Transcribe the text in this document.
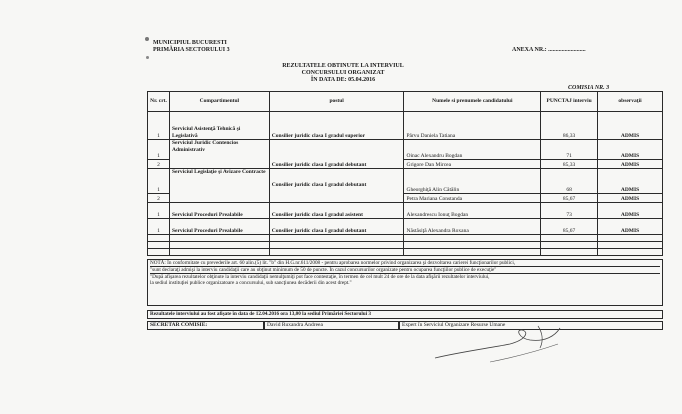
MUNICIPIUL BUCURESTI
PRIMĂRIA SECTORULUI 3	ANEXA NR.: .........................
REZULTATELE OBTINUTE LA INTERVIUL
CONCURSULUI ORGANIZAT
ÎN DATA DE: 05.04.2016
COMISIA NR. 3
Nr. crt.	Compartimentul	postul	Numele si prenumele candidatului	PUNCTAJ interviu	observaţii
1	Serviciul Asistenţă Tehnică şi Legislativă	Consilier juridic clasa I gradul superior	Pârvu Daniela Tatiana	86,33	ADMIS
1	Serviciul Juridic Contencios Administrativ	Consilier juridic clasa I gradul debutant	Oinac Alexandru Bogdan	71	ADMIS
2			Grigore Dan Mircea	85,33	ADMIS
1	Serviciul Legislaţie şi Avizare Contracte	Consilier juridic clasa I gradul debutant	Gheorghiţă Alin Cătălin	68	ADMIS
2			Petra Mariana Constanda	85,67	ADMIS
1	Serviciul Proceduri Prealabile	Consilier juridic clasa I gradul asistent	Alexandrescu Ionuţ Bogdan	73	ADMIS
1	Serviciul Proceduri Prealabile	Consilier juridic clasa I gradul debutant	Năstăsiţă Alexandra Roxana	85,67	ADMIS

NOTĂ: În conformitate cu prevederile art. 60 alin.(5) lit. "b" din H.G.nr.611/2008 - pentru aprobarea normelor privind organizarea şi dezvoltarea carierei funcţionarilor publici,
"sunt declaraţi admişi la interviu candidaţii care au obţinut minimum de 50 de puncte. În cazul concursurilor organizate pentru ocuparea funcţiilor publice de execuţie"
"După afişarea rezultatelor obţinute la interviu candidaţii nemulţumiţi pot face contestaţie, în termen de cel mult 24 de ore de la data afişării rezultatelor interviului,
la sediul instituţiei publice organizatoare a concursului, sub sancţiunea decăderii din acest drept."
Rezultatele interviului au fost afişate în data de 12.04.2016 ora 13,00 la sediul Primăriei Sectorului 3
SECRETAR COMISIE:	David Ruxandra Andreea	Expert în Serviciul Organizare Resurse Umane
